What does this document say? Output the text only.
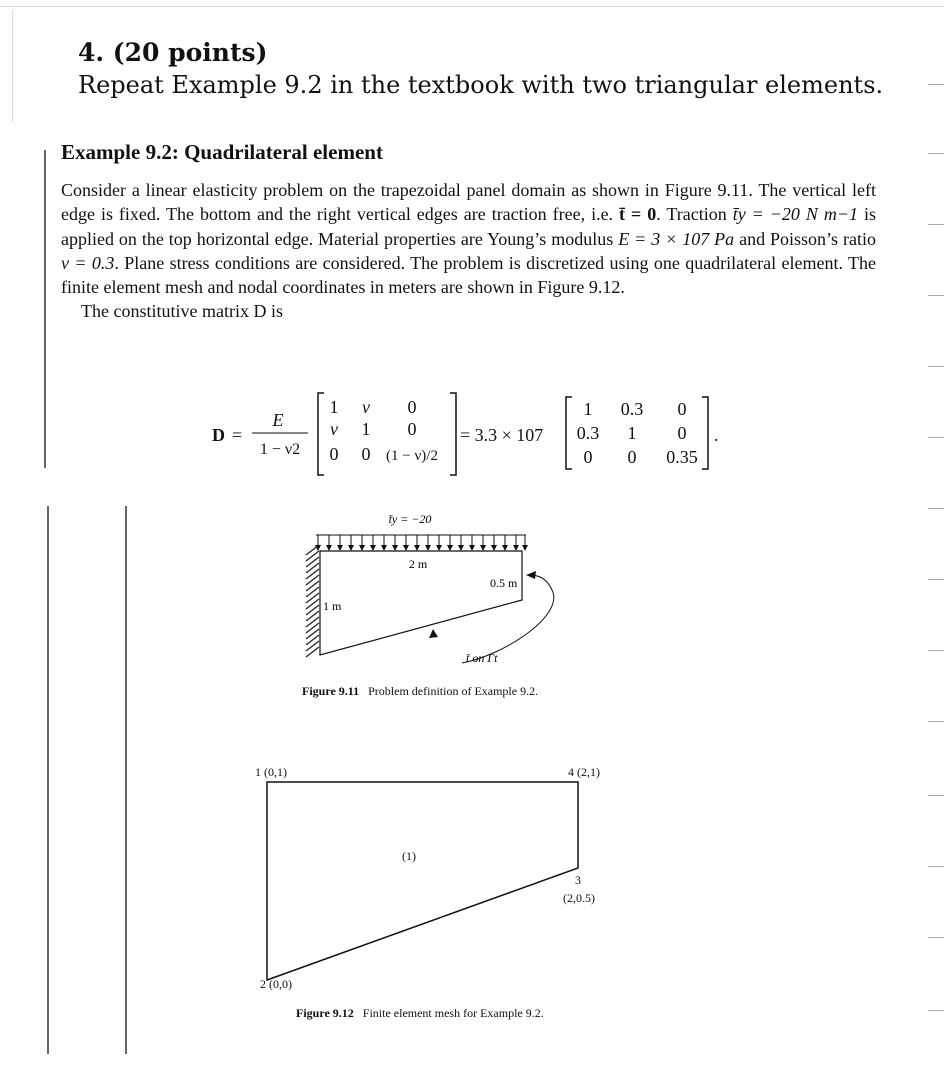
4. (20 points)
Repeat Example 9.2 in the textbook with two triangular elements.
Example 9.2: Quadrilateral element

Consider a linear elasticity problem on the trapezoidal panel domain as shown in Figure 9.11. The vertical left edge is fixed. The bottom and the right vertical edges are traction free, i.e. t̄ = 0. Traction t̄y = −20 N m−1 is applied on the top horizontal edge. Material properties are Young’s modulus E = 3 × 107 Pa and Poisson’s ratio ν = 0.3. Plane stress conditions are considered. The problem is discretized using one quadrilateral element. The finite element mesh and nodal coordinates in meters are shown in Figure 9.12.

The constitutive matrix D is

D =
E
1 − ν2
1 ν 0
ν 1 0
0 0 (1 − ν)/2
= 3.3 × 107
1 0.3 0
0.3 1 0
0 0 0.35
.
t̄y = −20
2 m
0.5 m
1 m
t̄ on Γt
Figure 9.11 Problem definition of Example 9.2.
1 (0,1)	4 (2,1)
(1)
3
(2,0.5)
2 (0,0)
Figure 9.12 Finite element mesh for Example 9.2.
